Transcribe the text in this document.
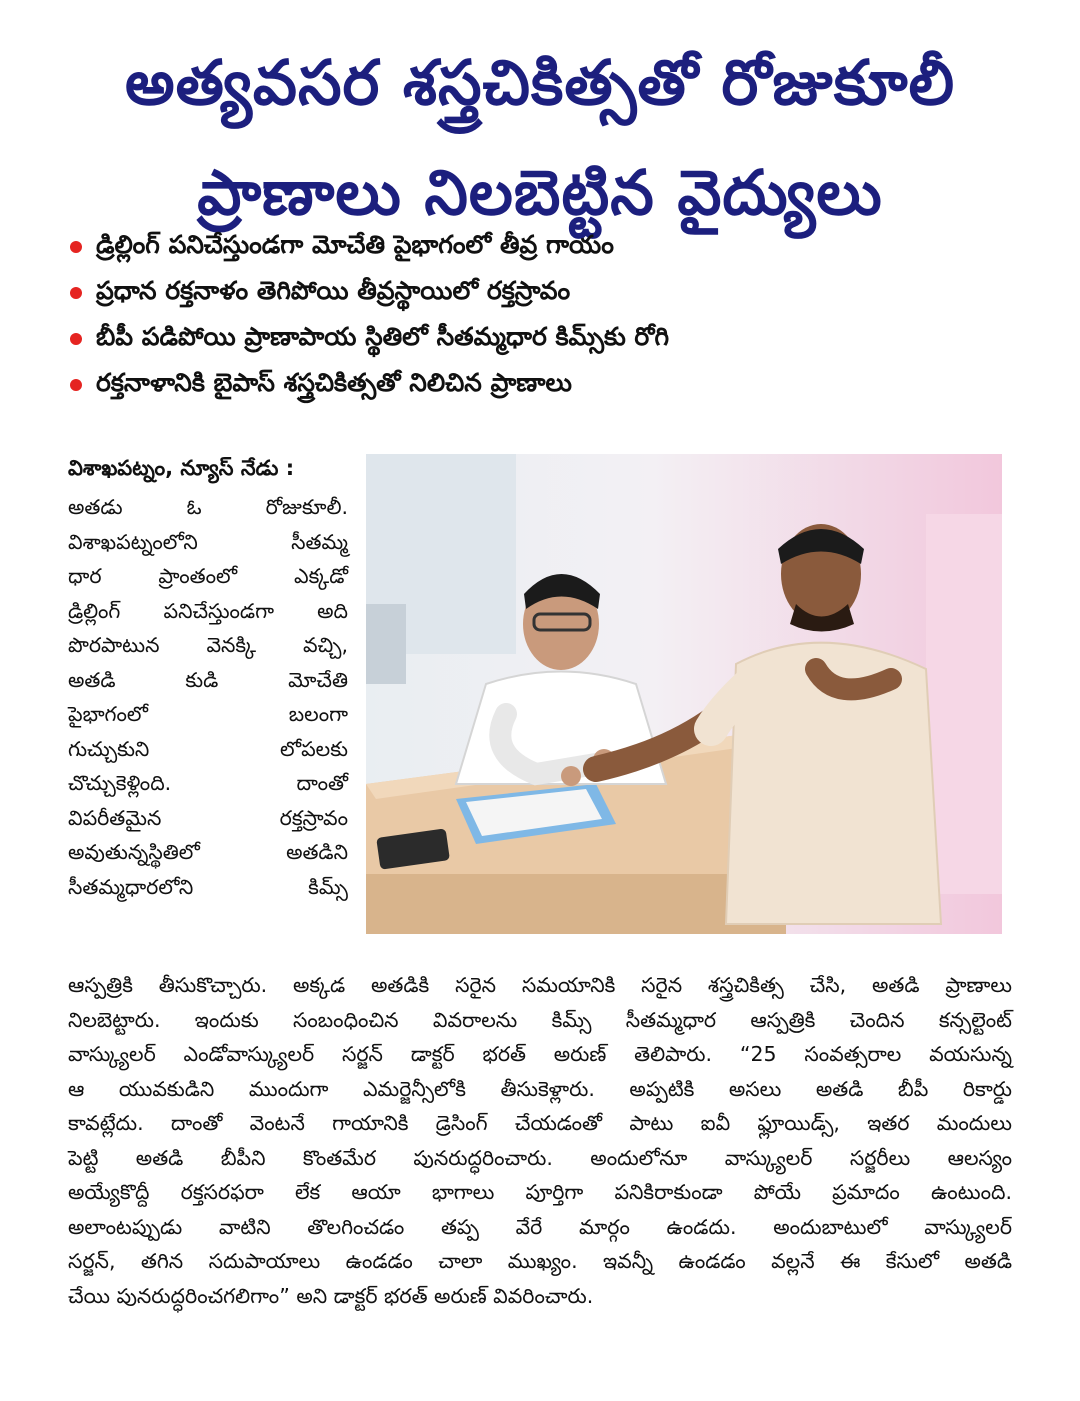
అత్యవసర శస్త్రచికిత్సతో రోజుకూలీ
ప్రాణాలు నిలబెట్టిన వైద్యులు
డ్రిల్లింగ్ పనిచేస్తుండగా మోచేతి పైభాగంలో తీవ్ర గాయం
ప్రధాన రక్తనాళం తెగిపోయి తీవ్రస్థాయిలో రక్తస్రావం
బీపీ పడిపోయి ప్రాణాపాయ స్థితిలో సీతమ్మధార కిమ్స్‌కు రోగి
రక్తనాళానికి బైపాస్ శస్త్రచికిత్సతో నిలిచిన ప్రాణాలు
విశాఖపట్నం, న్యూస్ నేడు :
అతడు ఓ రోజుకూలీ.
విశాఖపట్నంలోని సీతమ్మ
ధార ప్రాంతంలో ఎక్కడో
డ్రిల్లింగ్ పనిచేస్తుండగా అది
పొరపాటున వెనక్కి వచ్చి,
అతడి కుడి మోచేతి
పైభాగంలో బలంగా
గుచ్చుకుని లోపలకు
చొచ్చుకెళ్లింది. దాంతో
విపరీతమైన రక్తస్రావం
అవుతున్నస్థితిలో అతడిని
సీతమ్మధారలోని కిమ్స్
ఆస్పత్రికి తీసుకొచ్చారు. అక్కడ అతడికి సరైన సమయానికి సరైన శస్త్రచికిత్స చేసి, అతడి ప్రాణాలు
నిలబెట్టారు. ఇందుకు సంబంధించిన వివరాలను కిమ్స్ సీతమ్మధార ఆస్పత్రికి చెందిన కన్సల్టెంట్
వాస్క్యులర్ ఎండోవాస్క్యులర్ సర్జన్ డాక్టర్ భరత్ అరుణ్ తెలిపారు. “25 సంవత్సరాల వయసున్న
ఆ యువకుడిని ముందుగా ఎమర్జెన్సీలోకి తీసుకెళ్లారు. అప్పటికి అసలు అతడి బీపీ రికార్డు
కావట్లేదు. దాంతో వెంటనే గాయానికి డ్రెసింగ్ చేయడంతో పాటు ఐవీ ఫ్లూయిడ్స్, ఇతర మందులు
పెట్టి అతడి బీపీని కొంతమేర పునరుద్ధరించారు. అందులోనూ వాస్క్యులర్ సర్జరీలు ఆలస్యం
అయ్యేకొద్దీ రక్తసరఫరా లేక ఆయా భాగాలు పూర్తిగా పనికిరాకుండా పోయే ప్రమాదం ఉంటుంది.
అలాంటప్పుడు వాటిని తొలగించడం తప్ప వేరే మార్గం ఉండదు. అందుబాటులో వాస్క్యులర్
సర్జన్, తగిన సదుపాయాలు ఉండడం చాలా ముఖ్యం. ఇవన్నీ ఉండడం వల్లనే ఈ కేసులో అతడి
చేయి పునరుద్ధరించగలిగాం” అని డాక్టర్ భరత్ అరుణ్ వివరించారు.
